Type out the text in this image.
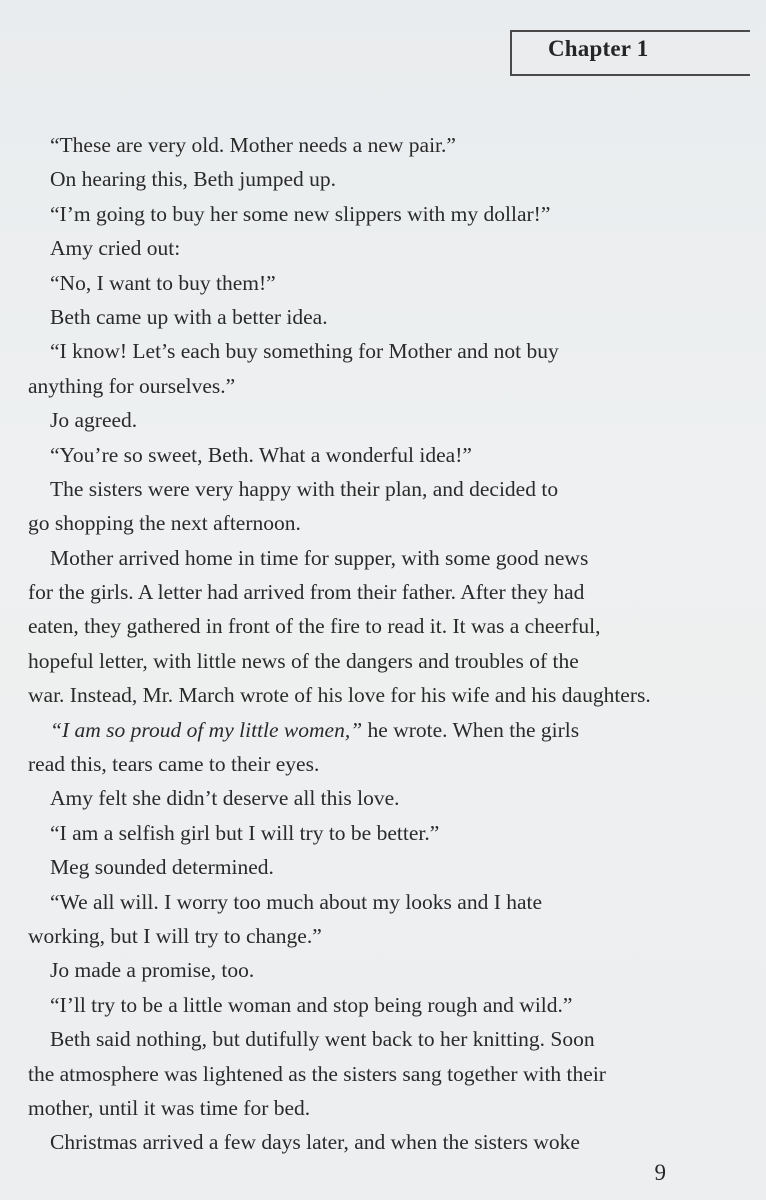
Chapter 1
“These are very old. Mother needs a new pair.”
On hearing this, Beth jumped up.
“I’m going to buy her some new slippers with my dollar!”
Amy cried out:
“No, I want to buy them!”
Beth came up with a better idea.
“I know! Let’s each buy something for Mother and not buy
anything for ourselves.”
Jo agreed.
“You’re so sweet, Beth. What a wonderful idea!”
The sisters were very happy with their plan, and decided to
go shopping the next afternoon.
Mother arrived home in time for supper, with some good news
for the girls. A letter had arrived from their father. After they had
eaten, they gathered in front of the fire to read it. It was a cheerful,
hopeful letter, with little news of the dangers and troubles of the
war. Instead, Mr. March wrote of his love for his wife and his daughters.
“I am so proud of my little women,” he wrote. When the girls
read this, tears came to their eyes.
Amy felt she didn’t deserve all this love.
“I am a selfish girl but I will try to be better.”
Meg sounded determined.
“We all will. I worry too much about my looks and I hate
working, but I will try to change.”
Jo made a promise, too.
“I’ll try to be a little woman and stop being rough and wild.”
Beth said nothing, but dutifully went back to her knitting. Soon
the atmosphere was lightened as the sisters sang together with their
mother, until it was time for bed.
Christmas arrived a few days later, and when the sisters woke
9
